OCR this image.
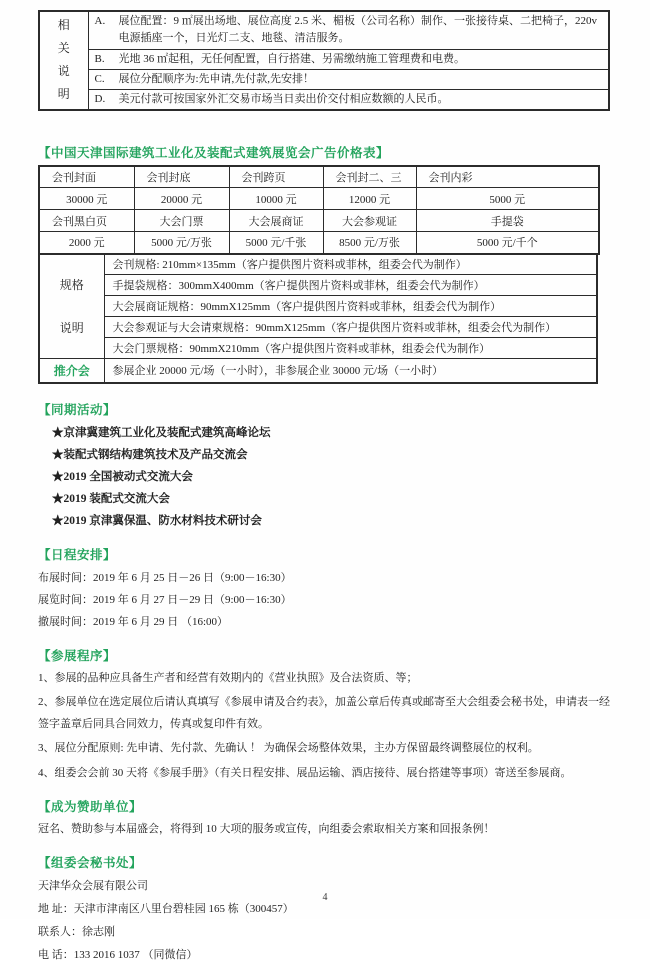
相关说明	
A.	展位配置：9 ㎡展出场地、展位高度 2.5 米、楣板（公司名称）制作、一张接待桌、二把椅子，220v 电源插座一个，日光灯二支、地毯、清洁服务。

B.	光地 36 ㎡起租，无任何配置，自行搭建、另需缴纳施工管理费和电费。

C.	展位分配顺序为:先申请,先付款,先安排！

D.	美元付款可按国家外汇交易市场当日卖出价交付相应数额的人民币。
【中国天津国际建筑工业化及装配式建筑展览会广告价格表】
会刊封面	会刊封底	会刊跨页	会刊封二、三	会刊内彩
30000 元	20000 元	10000 元	12000 元	5000 元
会刊黑白页	大会门票	大会展商证	大会参观证	手提袋
2000 元	5000 元/万张	5000 元/千张	8500 元/万张	5000 元/千个
规格
说明	会刊规格: 210mm×135mm（客户提供图片资料或菲林，组委会代为制作）
	手提袋规格：300mmX400mm（客户提供图片资料或菲林，组委会代为制作）
	大会展商证规格：90mmX125mm（客户提供图片资料或菲林，组委会代为制作）
	大会参观证与大会请柬规格：90mmX125mm（客户提供图片资料或菲林，组委会代为制作）
	大会门票规格：90mmX210mm（客户提供图片资料或菲林，组委会代为制作）
推介会	参展企业 20000 元/场（一小时），非参展企业 30000 元/场（一小时）
【同期活动】

★京津冀建筑工业化及装配式建筑高峰论坛

★装配式钢结构建筑技术及产品交流会

★2019 全国被动式交流大会

★2019 装配式交流大会

★2019 京津冀保温、防水材料技术研讨会

【日程安排】

布展时间：2019 年 6 月 25 日－26 日（9:00－16:30）

展览时间：2019 年 6 月 27 日－29 日（9:00－16:30）

撤展时间：2019 年 6 月 29 日 （16:00）

【参展程序】

1、参展的品种应具备生产者和经营有效期内的《营业执照》及合法资质、等；

2、参展单位在选定展位后请认真填写《参展申请及合约表》，加盖公章后传真或邮寄至大会组委会秘书处，申请表一经签字盖章后同具合同效力，传真或复印件有效。

3、展位分配原则: 先申请、先付款、先确认 ！ 为确保会场整体效果，主办方保留最终调整展位的权利。

4、组委会会前 30 天将《参展手册》（有关日程安排、展品运输、酒店接待、展台搭建等事项）寄送至参展商。

【成为赞助单位】

冠名、赞助参与本届盛会，将得到 10 大项的服务或宣传，向组委会索取相关方案和回报条例！

【组委会秘书处】

天津华众会展有限公司

地 址：天津市津南区八里台碧桂园 165 栋（300457）

联系人：徐志刚

电 话：133 2016 1037 （同微信）

4
